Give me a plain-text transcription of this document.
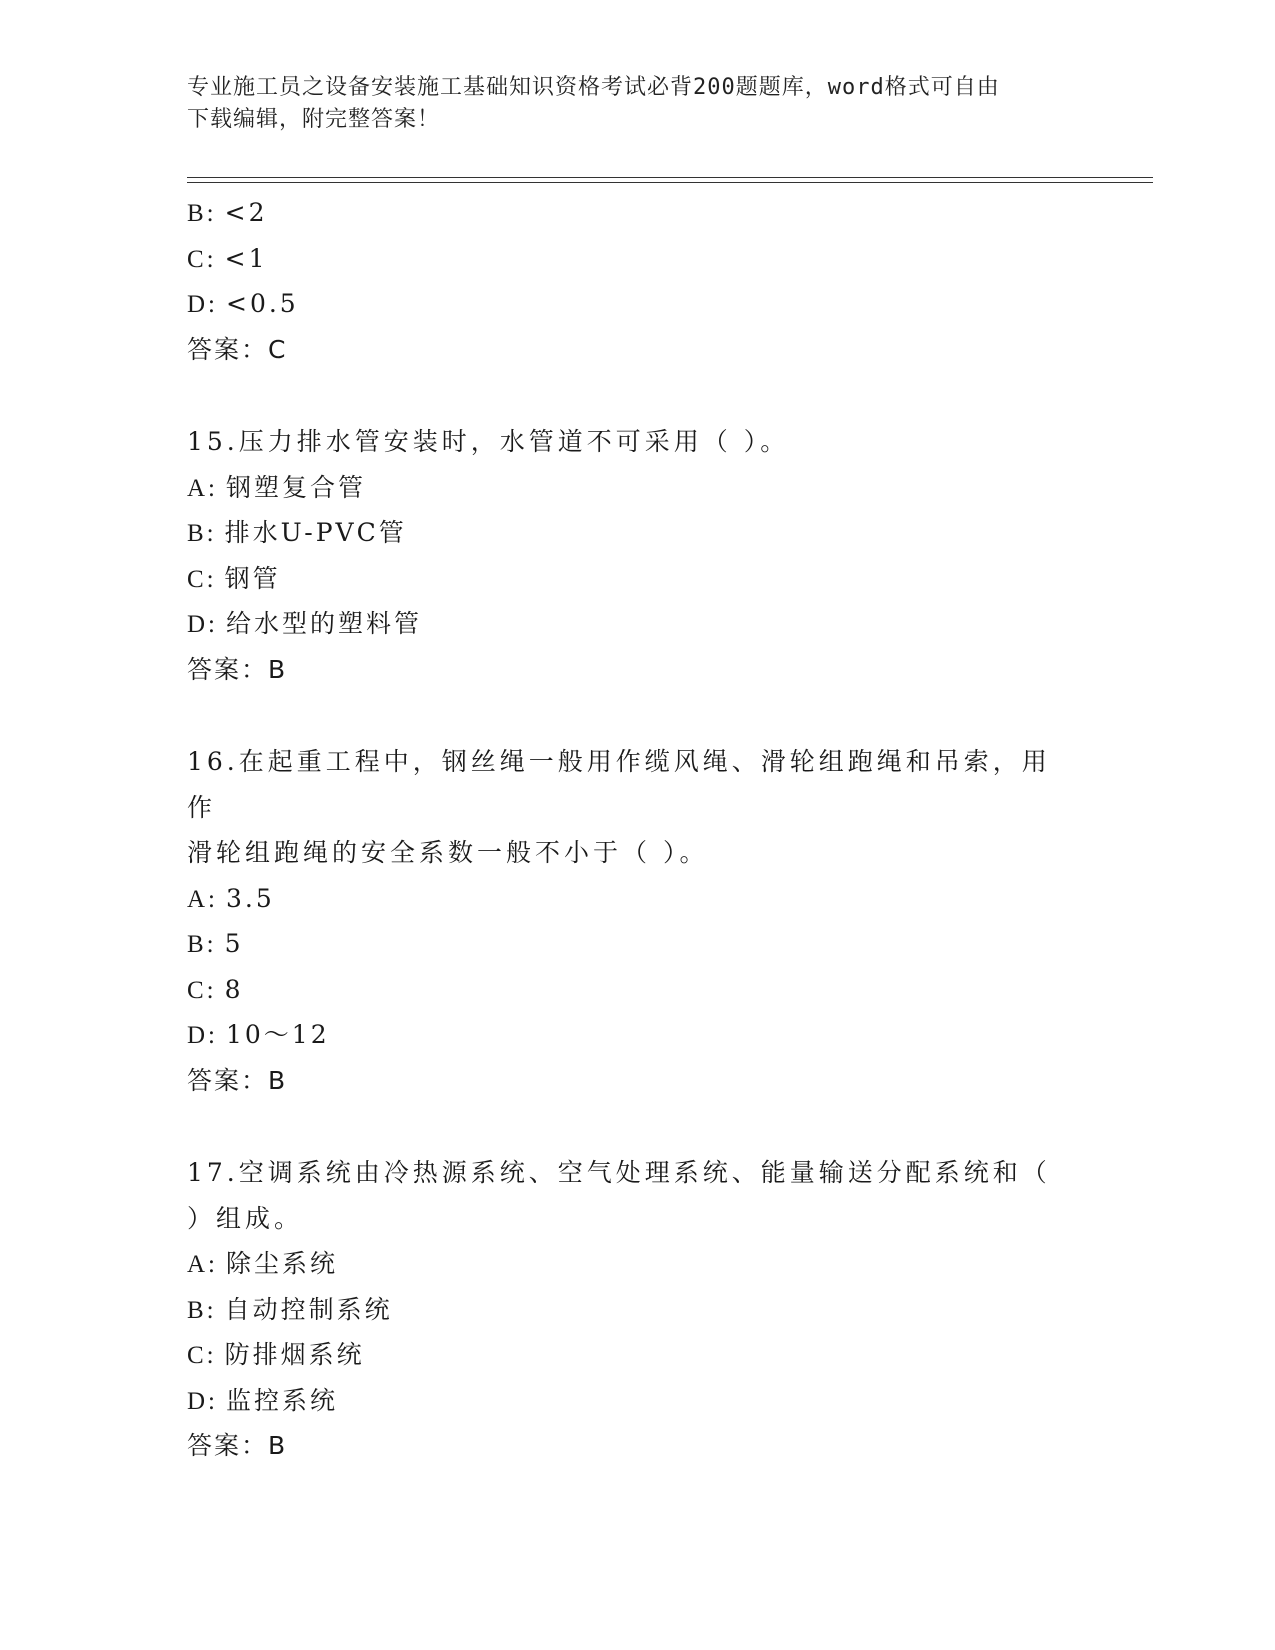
专业施工员之设备安装施工基础知识资格考试必背200题题库，word格式可自由
下载编辑，附完整答案！
B: <2
C: <1
D: <0.5
答案：C
15.压力排水管安装时，水管道不可采用（ ）。
A: 钢塑复合管
B: 排水U-PVC管
C: 钢管
D: 给水型的塑料管
答案：B
16.在起重工程中，钢丝绳一般用作缆风绳、滑轮组跑绳和吊索，用作
滑轮组跑绳的安全系数一般不小于（ ）。
A: 3.5
B: 5
C: 8
D: 10～12
答案：B
17.空调系统由冷热源系统、空气处理系统、能量输送分配系统和（
）组成。
A: 除尘系统
B: 自动控制系统
C: 防排烟系统
D: 监控系统
答案：B
